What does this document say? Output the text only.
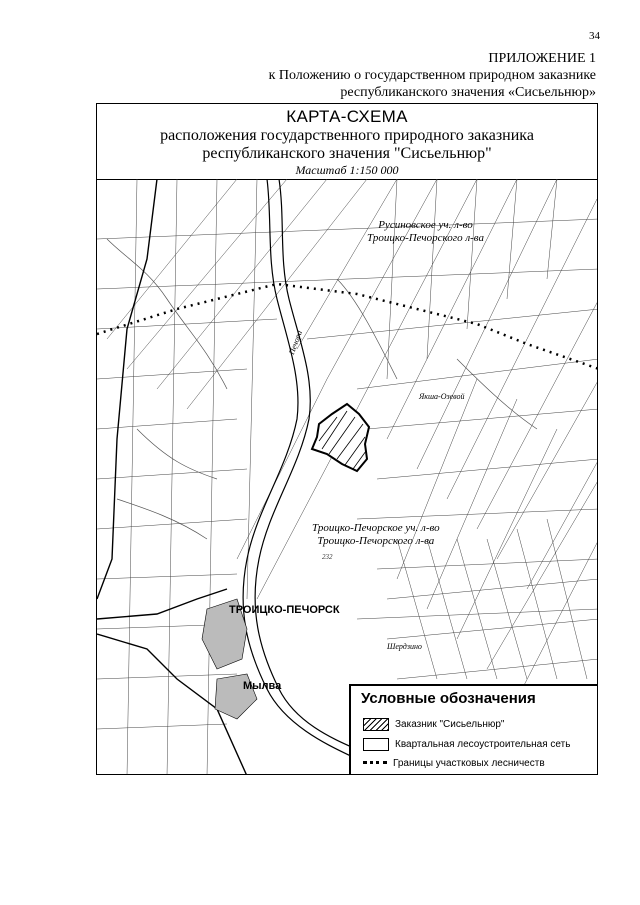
34
ПРИЛОЖЕНИЕ 1
к Положению о государственном природном заказнике
республиканского значения «Сисьельнюр»
КАРТА-СХЕМА
расположения государственного природного заказника
республиканского значения "Сисьельнюр"
Масштаб 1:150 000
232
Русиновское уч. л-во
Троицко-Печорского л-ва
Троицко-Печорское уч. л-во
Троицко-Печорского л-ва
ТРОИЦКО-ПЕЧОРСК
Мылва
Печора
Якша-Озевой
Шердзино
Условные обозначения
Заказник "Сисьельнюр"
Квартальная лесоустроительная сеть
Границы участковых лесничеств
